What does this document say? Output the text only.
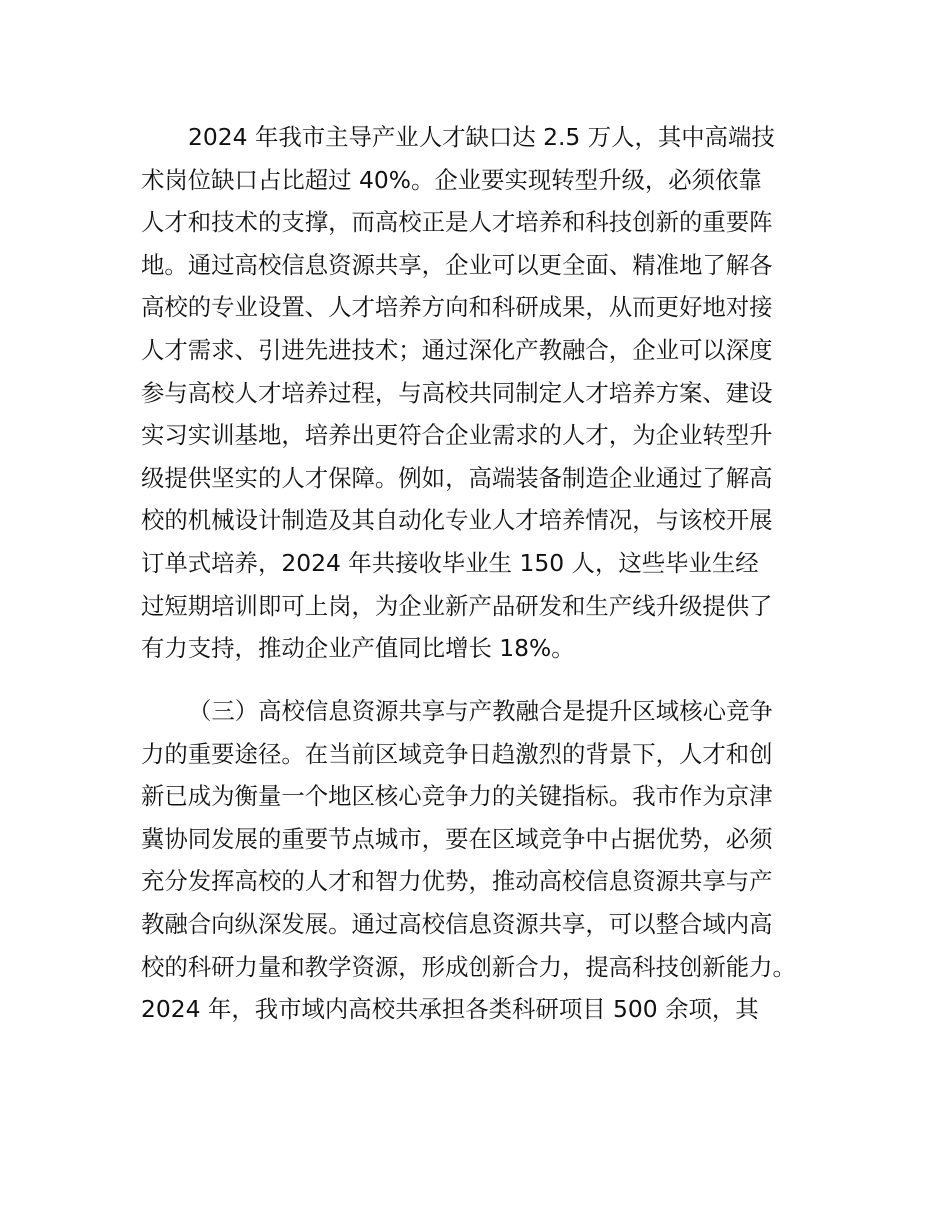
2024 年我市主导产业人才缺口达 2.5 万人，其中高端技
术岗位缺口占比超过 40%。企业要实现转型升级，必须依靠
人才和技术的支撑，而高校正是人才培养和科技创新的重要阵
地。通过高校信息资源共享，企业可以更全面、精准地了解各
高校的专业设置、人才培养方向和科研成果，从而更好地对接
人才需求、引进先进技术；通过深化产教融合，企业可以深度
参与高校人才培养过程，与高校共同制定人才培养方案、建设
实习实训基地，培养出更符合企业需求的人才，为企业转型升
级提供坚实的人才保障。例如，高端装备制造企业通过了解高
校的机械设计制造及其自动化专业人才培养情况，与该校开展
订单式培养，2024 年共接收毕业生 150 人，这些毕业生经
过短期培训即可上岗，为企业新产品研发和生产线升级提供了
有力支持，推动企业产值同比增长 18%。
（三）高校信息资源共享与产教融合是提升区域核心竞争
力的重要途径。在当前区域竞争日趋激烈的背景下，人才和创
新已成为衡量一个地区核心竞争力的关键指标。我市作为京津
冀协同发展的重要节点城市，要在区域竞争中占据优势，必须
充分发挥高校的人才和智力优势，推动高校信息资源共享与产
教融合向纵深发展。通过高校信息资源共享，可以整合域内高
校的科研力量和教学资源，形成创新合力，提高科技创新能力。
2024 年，我市域内高校共承担各类科研项目 500 余项，其
